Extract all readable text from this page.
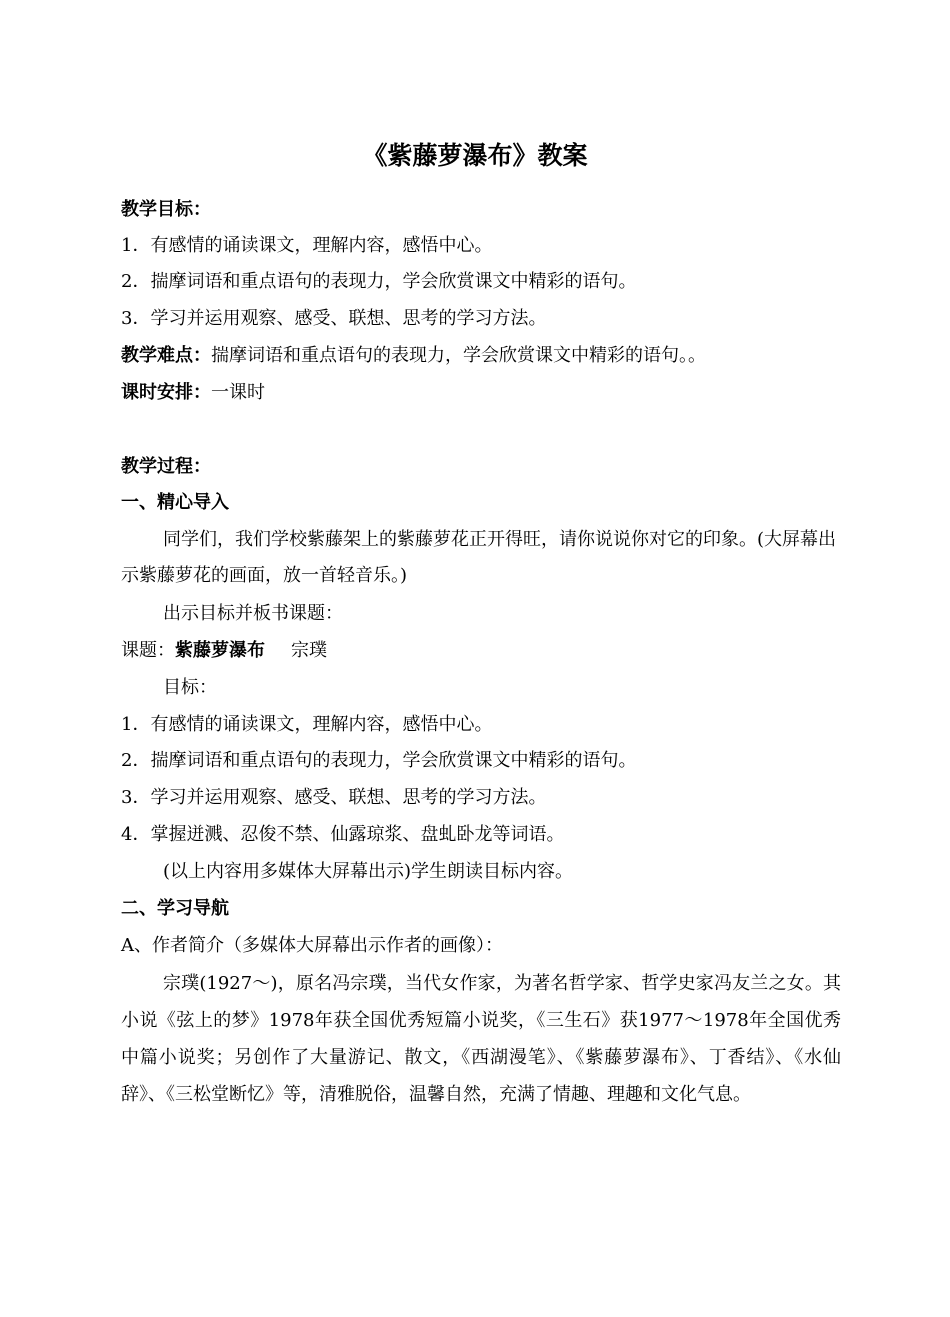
《紫藤萝瀑布》教案
教学目标：
1．有感情的诵读课文，理解内容，感悟中心。
2．揣摩词语和重点语句的表现力，学会欣赏课文中精彩的语句。
3．学习并运用观察、感受、联想、思考的学习方法。
教学难点：揣摩词语和重点语句的表现力，学会欣赏课文中精彩的语句。。
课时安排：一课时
教学过程：
一、精心导入
同学们，我们学校紫藤架上的紫藤萝花正开得旺，请你说说你对它的印象。(大屏幕出示紫藤萝花的画面，放一首轻音乐。)
出示目标并板书课题：
课题：紫藤萝瀑布 宗璞
目标：
1．有感情的诵读课文，理解内容，感悟中心。
2．揣摩词语和重点语句的表现力，学会欣赏课文中精彩的语句。
3．学习并运用观察、感受、联想、思考的学习方法。
4．掌握迸溅、忍俊不禁、仙露琼浆、盘虬卧龙等词语。
(以上内容用多媒体大屏幕出示)学生朗读目标内容。
二、学习导航
A、作者简介（多媒体大屏幕出示作者的画像）：
宗璞(1927～)，原名冯宗璞，当代女作家，为著名哲学家、哲学史家冯友兰之女。其小说《弦上的梦》1978年获全国优秀短篇小说奖，《三生石》获1977～1978年全国优秀中篇小说奖；另创作了大量游记、散文，《西湖漫笔》、《紫藤萝瀑布》、丁香结》、《水仙辞》、《三松堂断忆》等，清雅脱俗，温馨自然，充满了情趣、理趣和文化气息。
